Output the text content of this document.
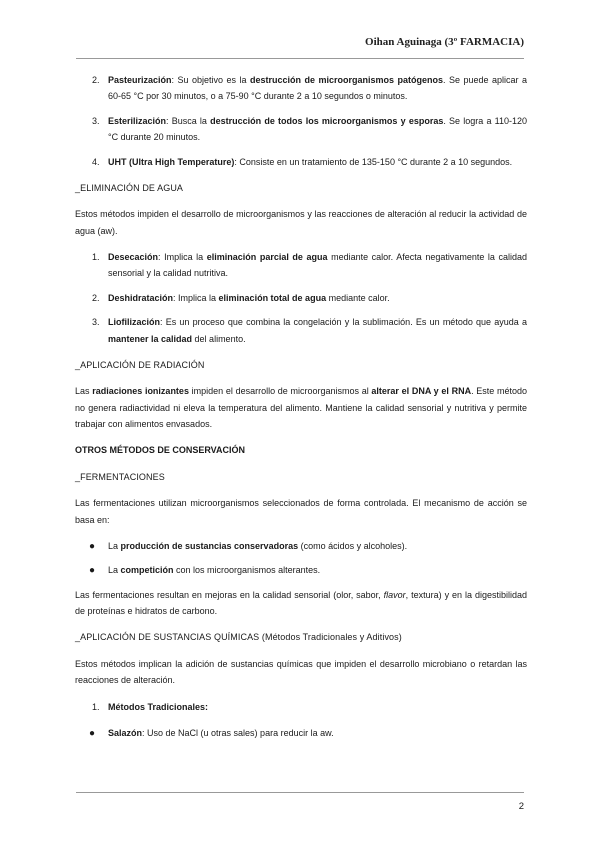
Oihan Aguinaga (3º FARMACIA)
2. Pasteurización: Su objetivo es la destrucción de microorganismos patógenos. Se puede aplicar a 60-65 °C por 30 minutos, o a 75-90 °C durante 2 a 10 segundos o minutos.
3. Esterilización: Busca la destrucción de todos los microorganismos y esporas. Se logra a 110-120 °C durante 20 minutos.
4. UHT (Ultra High Temperature): Consiste en un tratamiento de 135-150 °C durante 2 a 10 segundos.
_ELIMINACIÓN DE AGUA

Estos métodos impiden el desarrollo de microorganismos y las reacciones de alteración al reducir la actividad de agua (aw).

1. Desecación: Implica la eliminación parcial de agua mediante calor. Afecta negativamente la calidad sensorial y la calidad nutritiva.
2. Deshidratación: Implica la eliminación total de agua mediante calor.
3. Liofilización: Es un proceso que combina la congelación y la sublimación. Es un método que ayuda a mantener la calidad del alimento.
_APLICACIÓN DE RADIACIÓN

Las radiaciones ionizantes impiden el desarrollo de microorganismos al alterar el DNA y el RNA. Este método no genera radiactividad ni eleva la temperatura del alimento. Mantiene la calidad sensorial y nutritiva y permite trabajar con alimentos envasados.

OTROS MÉTODOS DE CONSERVACIÓN
_FERMENTACIONES

Las fermentaciones utilizan microorganismos seleccionados de forma controlada. El mecanismo de acción se basa en:

● La producción de sustancias conservadoras (como ácidos y alcoholes).
● La competición con los microorganismos alterantes.

Las fermentaciones resultan en mejoras en la calidad sensorial (olor, sabor, flavor, textura) y en la digestibilidad de proteínas e hidratos de carbono.

_APLICACIÓN DE SUSTANCIAS QUÍMICAS (Métodos Tradicionales y Aditivos)

Estos métodos implican la adición de sustancias químicas que impiden el desarrollo microbiano o retardan las reacciones de alteración.

1. Métodos Tradicionales:
● Salazón: Uso de NaCl (u otras sales) para reducir la aw.
2
